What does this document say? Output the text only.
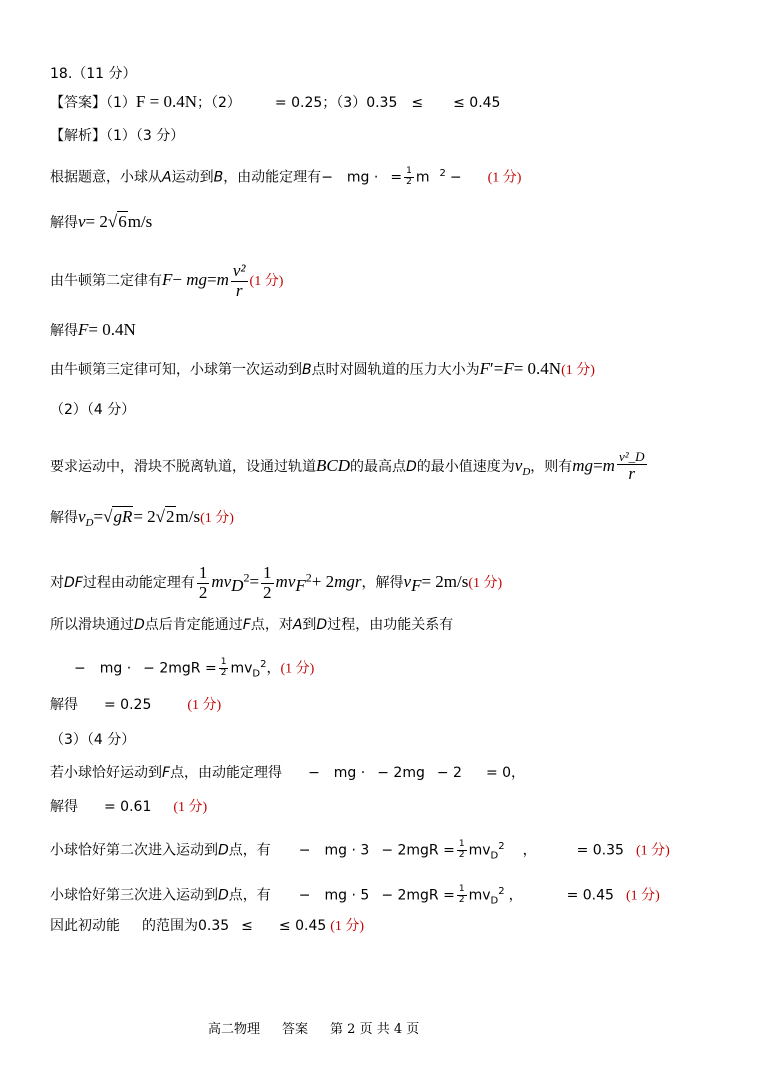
18.（11 分）
【答案】（1）F = 0.4N；（2） = 0.25；（3）0.35 ≤ ≤ 0.45
【解析】（1）（3 分）
根据题意，小球从A运动到B，由动能定理有− mg · = $\frac{1}{2}$ m $^2$ − (1 分)
解得v= 2√6m/s
由牛顿第二定律有$F- mg=m \frac{\text{v²}}{r} (1$ 分)
解得F= 0.4N
由牛顿第三定律可知，小球第一次运动到B点时对圆轨道的压力大小为F′=F= 0.4N(1 分)
（2）（4 分）
要求运动中，滑块不脱离轨道，设通过轨道BCD的最高点D的最小值速度为$v_D$，则有$mg=m \frac{\text{v²\_D}}{r}$
解得$v_D=√gR= 2√2m/s(1$ 分)
对DF过程由动能定理有 $\frac{1}{2} mv_D^2= \frac{1}{2} mv_F^2+ 2mgr$，解得$v_F= 2m/s(1$ 分)
所以滑块通过D点后肯定能通过F点，对A到D过程，由功能关系有
− mg · − $2mgR = \frac{1}{2} mv_D^2$，(1 分)
解得 = 0.25	(1 分)
（3）（4 分）
若小球恰好运动到F点，由动能定理得 − mg · − 2mg − 2 = 0，
解得 = 0.61 (1 分)
小球恰好第二次进入运动到D点，有 − mg · $3 - 2mgR = \frac{1}{2} mv_D^2$ ，	= 0.35 (1 分)
小球恰好第三次进入运动到D点，有 − mg · $5 - 2mgR = \frac{1}{2} mv_D^2$ ，	= 0.45 (1 分)
因此初动能 的范围为0.35 ≤ ≤ 0.45 (1 分)
高二物理 答案 第 2 页 共 4 页
